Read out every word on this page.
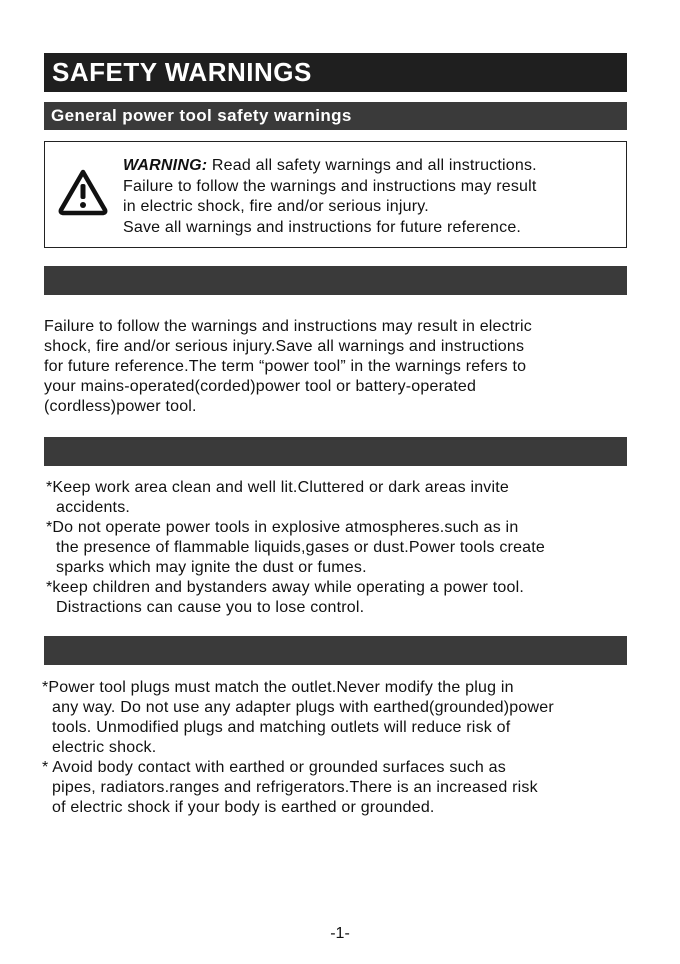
SAFETY WARNINGS
General power tool safety warnings
WARNING: Read all safety warnings and all instructions.
Failure to follow the warnings and instructions may result
in electric shock, fire and/or serious injury.
Save all warnings and instructions for future reference.
Failure to follow the warnings and instructions may result in electric
shock, fire and/or serious injury.Save all warnings and instructions
for future reference.The term “power tool” in the warnings refers to
your mains-operated(corded)power tool or battery-operated
(cordless)power tool.
*Keep work area clean and well lit.Cluttered or dark areas invite
accidents.
*Do not operate power tools in explosive atmospheres.such as in
the presence of flammable liquids,gases or dust.Power tools create
sparks which may ignite the dust or fumes.
*keep children and bystanders away while operating a power tool.
Distractions can cause you to lose control.
*Power tool plugs must match the outlet.Never modify the plug in
any way. Do not use any adapter plugs with earthed(grounded)power
tools. Unmodified plugs and matching outlets will reduce risk of
electric shock.
* Avoid body contact with earthed or grounded surfaces such as
pipes, radiators.ranges and refrigerators.There is an increased risk
of electric shock if your body is earthed or grounded.
-1-
